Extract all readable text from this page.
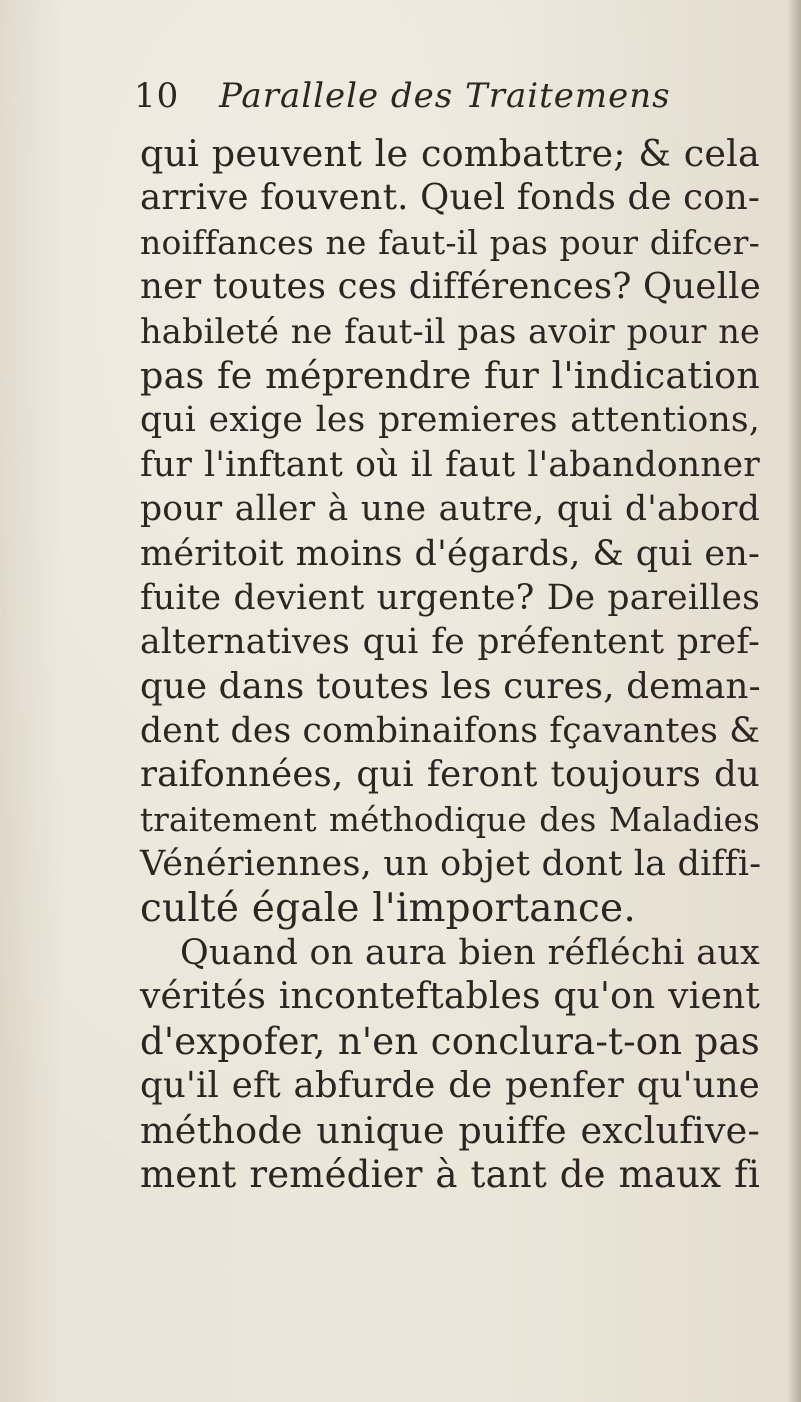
10 Parallele des Traitemens
qui peuvent le combattre; & cela
arrive fouvent. Quel fonds de con-
noiffances ne faut-il pas pour difcer-
ner toutes ces différences? Quelle
habileté ne faut-il pas avoir pour ne
pas fe méprendre fur l'indication
qui exige les premieres attentions,
fur l'inftant où il faut l'abandonner
pour aller à une autre, qui d'abord
méritoit moins d'égards, & qui en-
fuite devient urgente? De pareilles
alternatives qui fe préfentent pref-
que dans toutes les cures, deman-
dent des combinaifons fçavantes &
raifonnées, qui feront toujours du
traitement méthodique des Maladies
Vénériennes, un objet dont la diffi-
culté égale l'importance.
Quand on aura bien réfléchi aux
vérités inconteftables qu'on vient
d'expofer, n'en conclura-t-on pas
qu'il eft abfurde de penfer qu'une
méthode unique puiffe exclufive-
ment remédier à tant de maux fi
